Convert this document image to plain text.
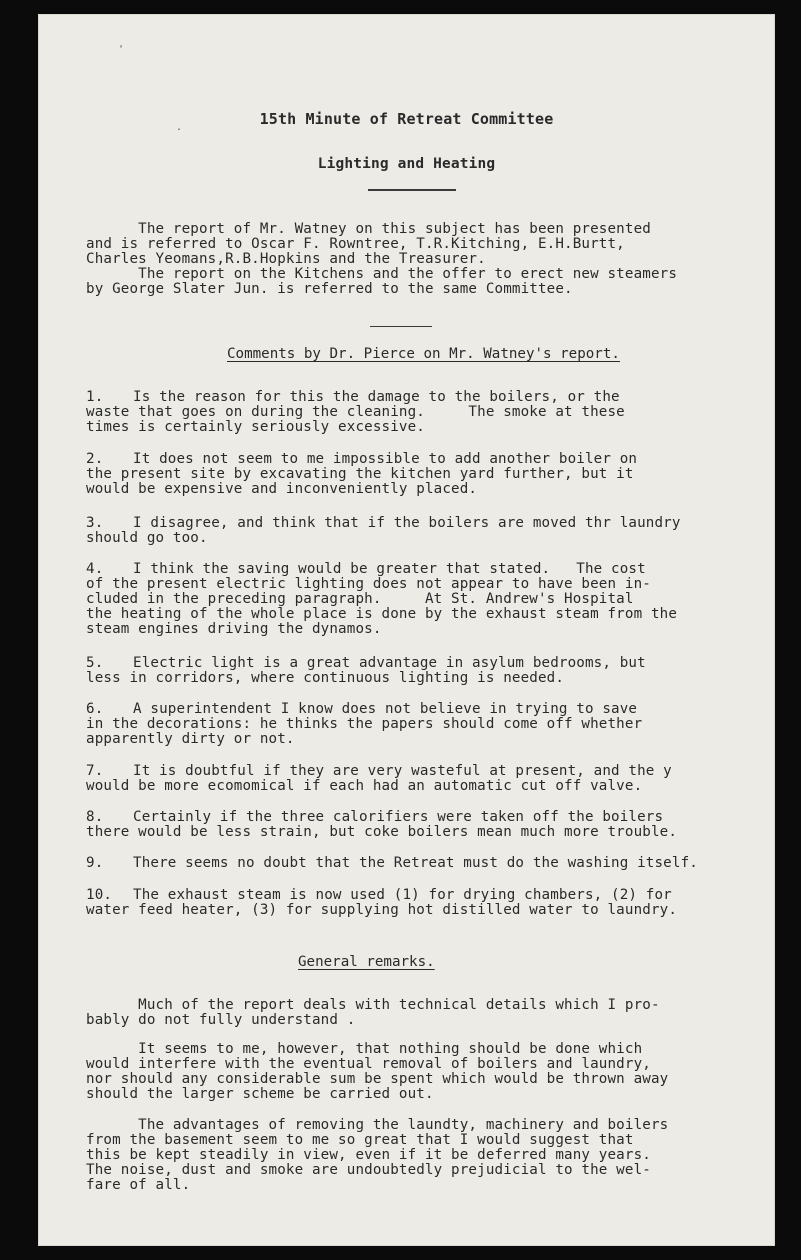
'
.	15th Minute of Retreat Committee
Lighting and Heating
The report of Mr. Watney on this subject has been presented
and is referred to Oscar F. Rowntree, T.R.Kitching, E.H.Burtt,
Charles Yeomans,R.B.Hopkins and the Treasurer.
The report on the Kitchens and the offer to erect new steamers
by George Slater Jun. is referred to the same Committee.
Comments by Dr. Pierce on Mr. Watney's report.
1. Is the reason for this the damage to the boilers, or the
waste that goes on during the cleaning.     The smoke at these
times is certainly seriously excessive.
2. It does not seem to me impossible to add another boiler on
the present site by excavating the kitchen yard further, but it
would be expensive and inconveniently placed.
3. I disagree, and think that if the boilers are moved thr laundry
should go too.
4. I think the saving would be greater that stated.   The cost
of the present electric lighting does not appear to have been in-
cluded in the preceding paragraph.     At St. Andrew's Hospital
the heating of the whole place is done by the exhaust steam from the
steam engines driving the dynamos.
5. Electric light is a great advantage in asylum bedrooms, but
less in corridors, where continuous lighting is needed.
6. A superintendent I know does not believe in trying to save
in the decorations: he thinks the papers should come off whether
apparently dirty or not.
7. It is doubtful if they are very wasteful at present, and the y
would be more ecomomical if each had an automatic cut off valve.
8. Certainly if the three calorifiers were taken off the boilers
there would be less strain, but coke boilers mean much more trouble.
9. There seems no doubt that the Retreat must do the washing itself.
10. The exhaust steam is now used (1) for drying chambers, (2) for
water feed heater, (3) for supplying hot distilled water to laundry.
General remarks.
Much of the report deals with technical details which I pro-
bably do not fully understand .
It seems to me, however, that nothing should be done which
would interfere with the eventual removal of boilers and laundry,
nor should any considerable sum be spent which would be thrown away
should the larger scheme be carried out.
The advantages of removing the laundty, machinery and boilers
from the basement seem to me so great that I would suggest that
this be kept steadily in view, even if it be deferred many years.
The noise, dust and smoke are undoubtedly prejudicial to the wel-
fare of all.
